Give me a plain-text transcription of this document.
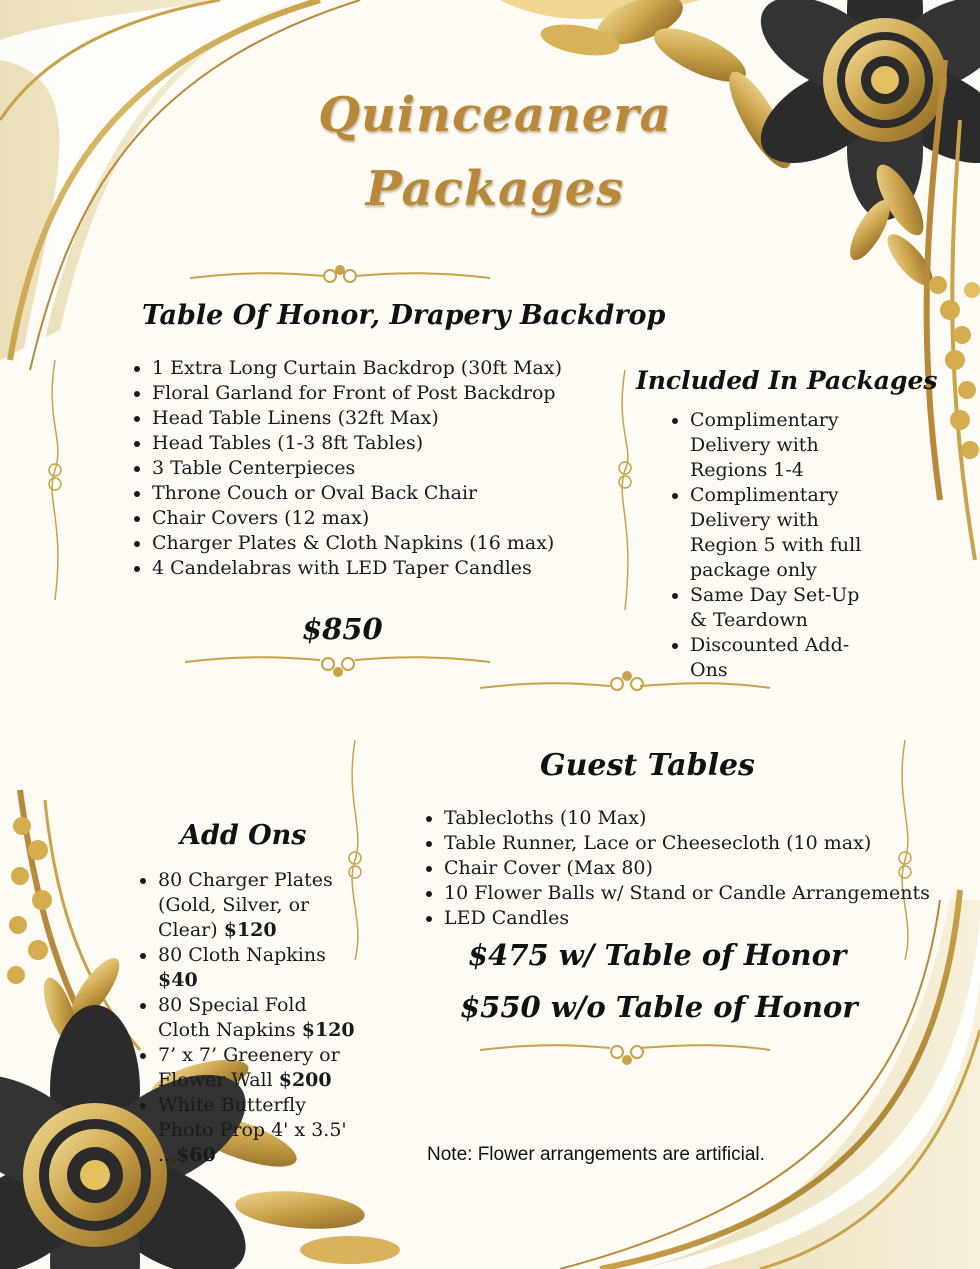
Quinceanera
Packages
Table Of Honor, Drapery Backdrop
• 1 Extra Long Curtain Backdrop (30ft Max)
• Floral Garland for Front of Post Backdrop
• Head Table Linens (32ft Max)
• Head Tables (1-3 8ft Tables)
• 3 Table Centerpieces
• Throne Couch or Oval Back Chair
• Chair Covers (12 max)
• Charger Plates & Cloth Napkins (16 max)
• 4 Candelabras with LED Taper Candles
$850
Included In Packages
• Complimentary Delivery with Regions 1-4
• Complimentary Delivery with Region 5 with full package only
• Same Day Set-Up & Teardown
• Discounted Add-Ons
Guest Tables
• Tablecloths (10 Max)
• Table Runner, Lace or Cheesecloth (10 max)
• Chair Cover (Max 80)
• 10 Flower Balls w/ Stand or Candle Arrangements
• LED Candles
$475 w/ Table of Honor
$550 w/o Table of Honor
Add Ons
• 80 Charger Plates (Gold, Silver, or Clear) $120
• 80 Cloth Napkins $40
• 80 Special Fold Cloth Napkins $120
• 7’ x 7’ Greenery or Flower Wall $200
• White Butterfly Photo Prop 4' x 3.5' ...$60	Note: Flower arrangements are artificial.
